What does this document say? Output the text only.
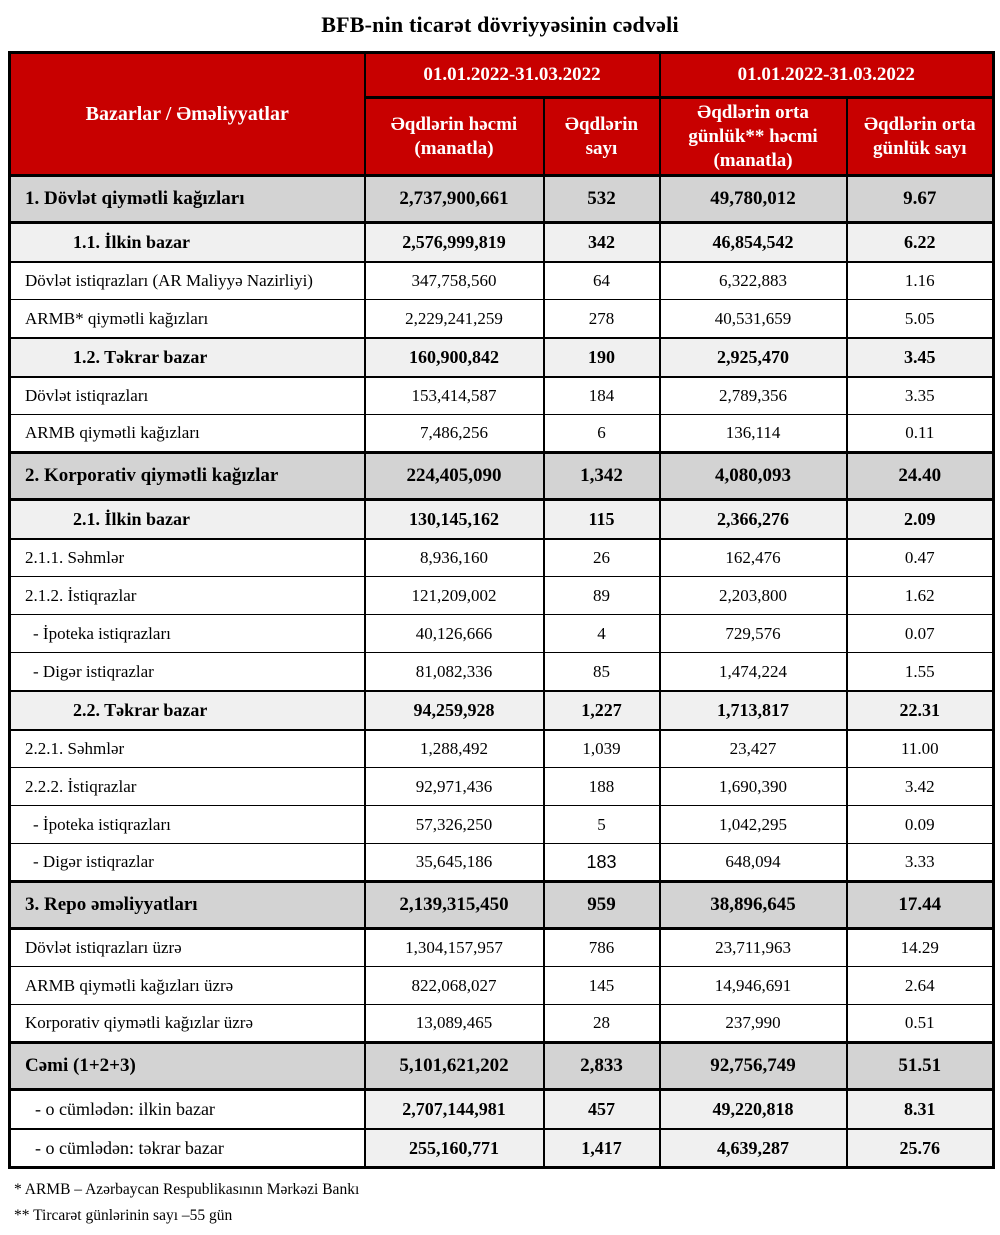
BFB-nin ticarət dövriyyəsinin cədvəli
Bazarlar / Əməliyyatlar	01.01.2022-31.03.2022		01.01.2022-31.03.2022	
	Əqdlərin həcmi (manatla)	Əqdlərin sayı	Əqdlərin orta günlük** həcmi (manatla)	Əqdlərin orta günlük sayı
1. Dövlət qiymətli kağızları	2,737,900,661	532	49,780,012	9.67
1.1. İlkin bazar	2,576,999,819	342	46,854,542	6.22
Dövlət istiqrazları (AR Maliyyə Nazirliyi)	347,758,560	64	6,322,883	1.16
ARMB* qiymətli kağızları	2,229,241,259	278	40,531,659	5.05
1.2. Təkrar bazar	160,900,842	190	2,925,470	3.45
Dövlət istiqrazları	153,414,587	184	2,789,356	3.35
ARMB qiymətli kağızları	7,486,256	6	136,114	0.11
2. Korporativ qiymətli kağızlar	224,405,090	1,342	4,080,093	24.40
2.1. İlkin bazar	130,145,162	115	2,366,276	2.09
2.1.1. Səhmlər	8,936,160	26	162,476	0.47
2.1.2. İstiqrazlar	121,209,002	89	2,203,800	1.62
- İpoteka istiqrazları	40,126,666	4	729,576	0.07
- Digər istiqrazlar	81,082,336	85	1,474,224	1.55
2.2. Təkrar bazar	94,259,928	1,227	1,713,817	22.31
2.2.1. Səhmlər	1,288,492	1,039	23,427	11.00
2.2.2. İstiqrazlar	92,971,436	188	1,690,390	3.42
- İpoteka istiqrazları	57,326,250	5	1,042,295	0.09
- Digər istiqrazlar	35,645,186	183	648,094	3.33
3. Repo əməliyyatları	2,139,315,450	959	38,896,645	17.44
Dövlət istiqrazları üzrə	1,304,157,957	786	23,711,963	14.29
ARMB qiymətli kağızları üzrə	822,068,027	145	14,946,691	2.64
Korporativ qiymətli kağızlar üzrə	13,089,465	28	237,990	0.51
Cəmi (1+2+3)	5,101,621,202	2,833	92,756,749	51.51
- o cümlədən: ilkin bazar	2,707,144,981	457	49,220,818	8.31
- o cümlədən: təkrar bazar	255,160,771	1,417	4,639,287	25.76
* ARMB – Azərbaycan Respublikasının Mərkəzi Bankı
** Tircarət günlərinin sayı –55 gün
